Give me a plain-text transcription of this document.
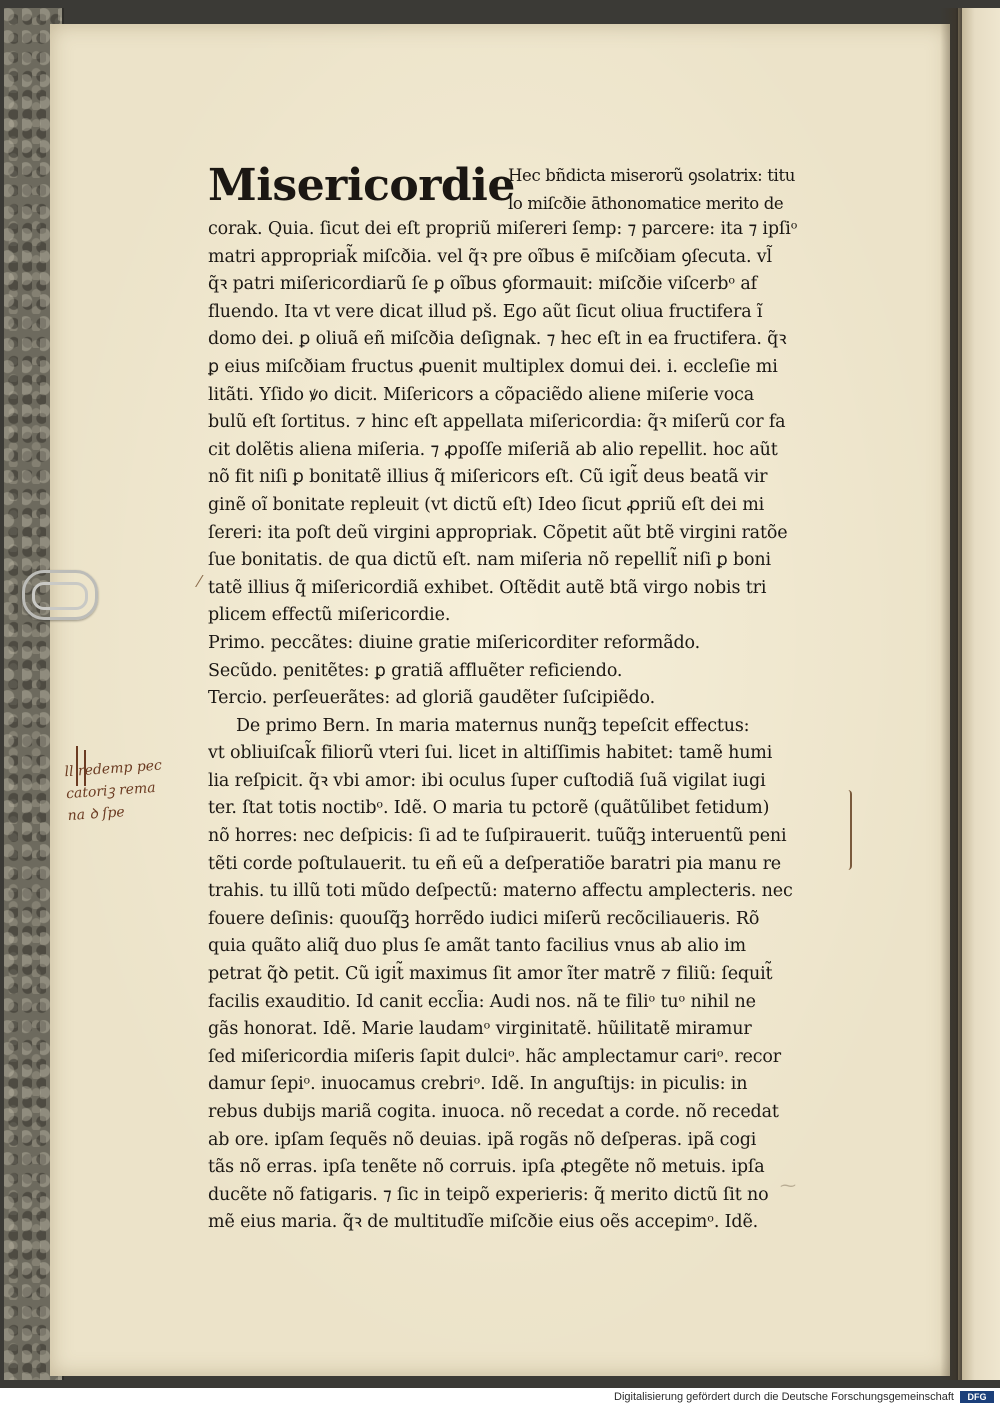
Misericordie
Hec bñdicta miserorũ ꝯsolatrix: titu
lo miſcðie āthonomatice merito de
corak. Quia. ſicut dei eſt propriũ miſereri ſemp: ⁊ parcere: ita ⁊ ipſiᵒ
matri appropriak̃ miſcðia. vel q̃ꝛ pre oĩbus ē miſcðiam ꝯſecuta. vl̃
q̃ꝛ patri miſericordiarũ ſe ꝑ oĩbus ꝯformauit: miſcðie viſcerbᵒ af
fluendo. Ita vt vere dicat illud pš. Ego aũt ſicut oliua fructifera ĩ
domo dei. ꝑ oliuã eñ miſcðia deſignak. ⁊ hec eſt in ea fructifera. q̃ꝛ
ꝑ eius miſcðiam fructus ꝓuenit multiplex domui dei. i. eccleſie mi
litãti. Yſido ꝟo dicit. Miſericors a cõpaciẽdo aliene miſerie voca
bulũ eſt ſortitus. ⁊ hinc eſt appellata miſericordia: q̃ꝛ miſerũ cor fa
cit dolẽtis aliena miſeria. ⁊ ꝓpoſſe miſeriã ab alio repellit. hoc aũt
nõ fit niſi ꝑ bonitatẽ illius q̃ miſericors eſt. Cũ igit̃ deus beatã vir
ginẽ oĩ bonitate repleuit (vt dictũ eſt) Ideo ſicut ꝓpriũ eſt dei mi
ſereri: ita poſt deũ virgini appropriak. Cõpetit aũt btẽ virgini ratõe
ſue bonitatis. de qua dictũ eſt. nam miſeria nõ repellit̃ niſi ꝑ boni
tatẽ illius q̃ miſericordiã exhibet. Oſtẽdit autẽ btã virgo nobis tri
plicem effectũ miſericordie.
Primo. peccãtes: diuine gratie miſericorditer reformãdo.
Secũdo. penitẽtes: ꝑ gratiã affluẽter reficiendo.
Tercio. perſeuerãtes: ad gloriã gaudẽter ſuſcipiẽdo.
De primo Bern. In maria maternus nunq̃ꝫ tepeſcit effectus:
vt obliuiſcak̃ filiorũ vteri ſui. licet in altiſſimis habitet: tamẽ humi
lia reſpicit. q̃ꝛ vbi amor: ibi oculus ſuper cuſtodiã ſuã vigilat iugi
ter. ſtat totis noctibᵒ. Idẽ. O maria tu pctorẽ (quãtũlibet fetidum)
nõ horres: nec deſpicis: ſi ad te ſuſpirauerit. tuũq̃ꝫ interuentũ peni
tẽti corde poſtulauerit. tu eñ eũ a deſperatiõe baratri pia manu re
trahis. tu illũ toti mũdo deſpectũ: materno affectu amplecteris. nec
fouere deſinis: quouſq̃ꝫ horrẽdo iudici miſerũ recõciliaueris. Rõ
quia quãto aliq̃ duo plus ſe amãt tanto facilius vnus ab alio im
petrat q̃ꝺ petit. Cũ igit̃ maximus ſit amor ĩter matrẽ ⁊ filiũ: ſequit̃
facilis exauditio. Id canit eccl̃ia: Audi nos. nã te filiᵒ tuᵒ nihil ne
gãs honorat. Idẽ. Marie laudamᵒ virginitatẽ. hũilitatẽ miramur
ſed miſericordia miſeris ſapit dulciᵒ. hãc amplectamur cariᵒ. recor
damur ſepiᵒ. inuocamus crebriᵒ. Idẽ. In anguſtijs: in piculis: in
rebus dubijs mariã cogita. inuoca. nõ recedat a corde. nõ recedat
ab ore. ipſam ſequẽs nõ deuias. ipã rogãs nõ deſperas. ipã cogi
tãs nõ erras. ipſa tenẽte nõ corruis. ipſa ꝓtegẽte nõ metuis. ipſa
ducẽte nõ fatigaris. ⁊ ſic in teipõ experieris: q̃ merito dictũ ſit no
mẽ eius maria. q̃ꝛ de multitudĩe miſcðie eius oẽs accepimᵒ. Idẽ.
ll redemp pec
catoriꝫ rema
na ꝺ ſpe
⁄
⁓
Digitalisierung gefördert durch die Deutsche Forschungsgemeinschaft	DFG
